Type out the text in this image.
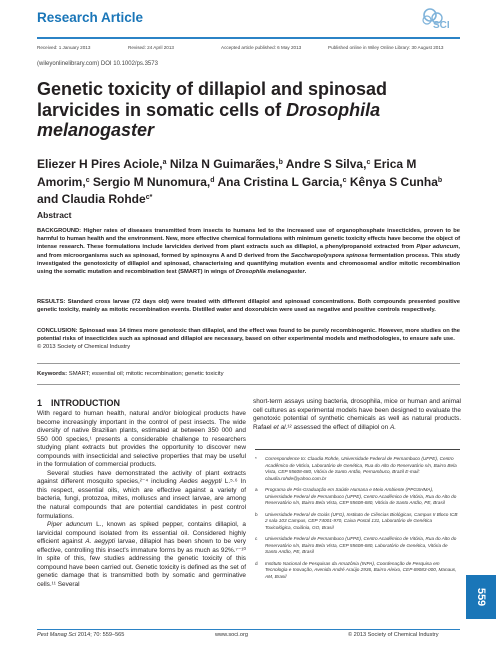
Research Article
SCI
Received: 1 January 2013	Revised: 24 April 2013	Accepted article published: 6 May 2013	Published online in Wiley Online Library: 30 August 2013
(wileyonlinelibrary.com) DOI 10.1002/ps.3573
Genetic toxicity of dillapiol and spinosad
larvicides in somatic cells of Drosophila
melanogaster
Eliezer H Pires Aciole,$^a$ Nilza N Guimarães,$^b$ Andre S Silva,$^c$ Erica M
Amorim,$^c$ Sergio M Nunomura,$^d$ Ana Cristina L Garcia,$^c$ Kênya S Cunha$^b$
and Claudia Rohde$^{c*}$
Abstract
BACKGROUND: Higher rates of diseases transmitted from insects to humans led to the increased use of organophosphate insecticides, proven to be harmful to human health and the environment. New, more effective chemical formulations with minimum genetic toxicity effects have become the object of intense research. These formulations include larvicides derived from plant extracts such as dillapiol, a phenylpropanoid extracted from Piper aduncum, and from microorganisms such as spinosad, formed by spinosyns A and D derived from the Saccharopolyspora spinosa fermentation process. This study investigated the genotoxicity of dillapiol and spinosad, characterising and quantifying mutation events and chromosomal and/or mitotic recombination using the somatic mutation and recombination test (SMART) in wings of Drosophila melanogaster.
RESULTS: Standard cross larvae (72 days old) were treated with different dillapiol and spinosad concentrations. Both compounds presented positive genetic toxicity, mainly as mitotic recombination events. Distilled water and doxorubicin were used as negative and positive controls respectively.
CONCLUSION: Spinosad was 14 times more genotoxic than dillapiol, and the effect was found to be purely recombinogenic. However, more studies on the potential risks of insecticides such as spinosad and dillapiol are necessary, based on other experimental models and methodologies, to ensure safe use.
© 2013 Society of Chemical Industry
Keywords: SMART; essential oil; mitotic recombination; genetic toxicity
1 INTRODUCTION

With regard to human health, natural and/or biological products have become increasingly important in the control of pest insects. The wide diversity of native Brazilian plants, estimated at between 350 000 and 550 000 species,¹ presents a considerable challenge to researchers studying plant extracts but provides the opportunity to discover new compounds with insecticidal and selective properties that may be useful in the formulation of commercial products.

Several studies have demonstrated the activity of plant extracts against different mosquito species,²⁻⁴ including Aedes aegypti L.⁵·⁶ In this respect, essential oils, which are effective against a variety of bacteria, fungi, protozoa, mites, molluscs and insect larvae, are among the natural compounds that are potential candidates in pest control formulations.

Piper aduncum L., known as spiked pepper, contains dillapiol, a larvicidal compound isolated from its essential oil. Considered highly efficient against A. aegypti larvae, dillapiol has been shown to be very effective, controlling this insect's immature forms by as much as 92%.⁷⁻¹⁰ In spite of this, few studies addressing the genetic toxicity of this compound have been carried out. Genetic toxicity is defined as the set of genetic damage that is transmitted both by somatic and germinative cells.¹¹ Several

short-term assays using bacteria, drosophila, mice or human and animal cell cultures as experimental models have been designed to evaluate the genotoxic potential of synthetic chemicals as well as natural products. Rafael et al.¹² assessed the effect of dillapiol on A.
*	Correspondence to: Claudia Rohde, Universidade Federal de Pernambuco (UFPE), Centro Acadêmico de Vitória, Laboratório de Genética, Rua do Alto do Reservatório s/n, Bairro Bela Vista, CEP 55608-680, Vitória de Santo Antão, Pernambuco, Brazil E-mail: claudia.rohde@yahoo.com.br
a	Programa de Pós-Graduação em Saúde Humana e Meio Ambiente (PPGSHMA), Universidade Federal de Pernambuco (UFPE), Centro Acadêmico de Vitória, Rua do Alto do Reservatório s/n, Bairro Bela Vista, CEP 55608-680, Vitória de Santo Antão, PE, Brasil
b	Universidade Federal de Goiás (UFG), Instituto de Ciências Biológicas, Campus II Bloco ICB 2 sala 103 Campus, CEP 74001-970, Caixa Postal 131, Laboratório de Genética Toxicológica, Goiânia, GO, Brasil
c	Universidade Federal de Pernambuco (UFPE), Centro Acadêmico de Vitória, Rua do Alto do Reservatório s/n, Bairro Bela Vista, CEP 55608-680, Laboratório de Genética, Vitória de Santo Antão, PE, Brasil
d	Instituto Nacional de Pesquisas da Amazônia (INPA), Coordenação de Pesquisa em Tecnologia e Inovação, Avenida André Araújo 2936, Bairro Aleixo, CEP 69083-000, Manaus, AM, Brasil
559
Pest Manag Sci 2014; 70: 559–565	www.soci.org	© 2013 Society of Chemical Industry
